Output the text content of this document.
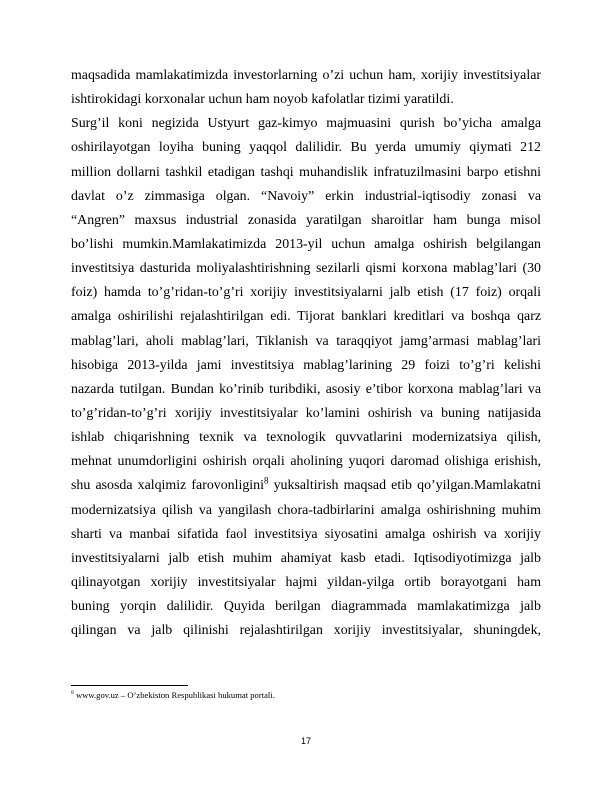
maqsadida mamlakatimizda investorlarning o’zi uchun ham, xorijiy investitsiyalar
ishtirokidagi korxonalar uchun ham noyob kafolatlar tizimi yaratildi.

Surg’il koni negizida Ustyurt gaz-kimyo majmuasini qurish bo’yicha amalga
oshirilayotgan loyiha buning yaqqol dalilidir. Bu yerda umumiy qiymati 212
million dollarni tashkil etadigan tashqi muhandislik infratuzilmasini barpo etishni
davlat o’z zimmasiga olgan. “Navoiy” erkin industrial-iqtisodiy zonasi va
“Angren” maxsus industrial zonasida yaratilgan sharoitlar ham bunga misol
bo’lishi mumkin.Mamlakatimizda 2013-yil uchun amalga oshirish belgilangan
investitsiya dasturida moliyalashtirishning sezilarli qismi korxona mablag’lari (30
foiz) hamda to’g’ridan-to’g’ri xorijiy investitsiyalarni jalb etish (17 foiz) orqali
amalga oshirilishi rejalashtirilgan edi. Tijorat banklari kreditlari va boshqa qarz
mablag’lari, aholi mablag’lari, Tiklanish va taraqqiyot jamg’armasi mablag’lari
hisobiga 2013-yilda jami investitsiya mablag’larining 29 foizi to’g’ri kelishi
nazarda tutilgan. Bundan ko’rinib turibdiki, asosiy e’tibor korxona mablag’lari va
to’g’ridan-to’g’ri xorijiy investitsiyalar ko’lamini oshirish va buning natijasida
ishlab chiqarishning texnik va texnologik quvvatlarini modernizatsiya qilish,
mehnat unumdorligini oshirish orqali aholining yuqori daromad olishiga erishish,
shu asosda xalqimiz farovonligini$^8$ yuksaltirish maqsad etib qo’yilgan.Mamlakatni
modernizatsiya qilish va yangilash chora-tadbirlarini amalga oshirishning muhim
sharti va manbai sifatida faol investitsiya siyosatini amalga oshirish va xorijiy
investitsiyalarni jalb etish muhim ahamiyat kasb etadi. Iqtisodiyotimizga jalb
qilinayotgan xorijiy investitsiyalar hajmi yildan-yilga ortib borayotgani ham
buning yorqin dalilidir. Quyida berilgan diagrammada mamlakatimizga jalb
qilingan va jalb qilinishi rejalashtirilgan xorijiy investitsiyalar, shuningdek,

$^8$ www.gov.uz – O’zbekiston Respublikasi hukumat portali.
17
